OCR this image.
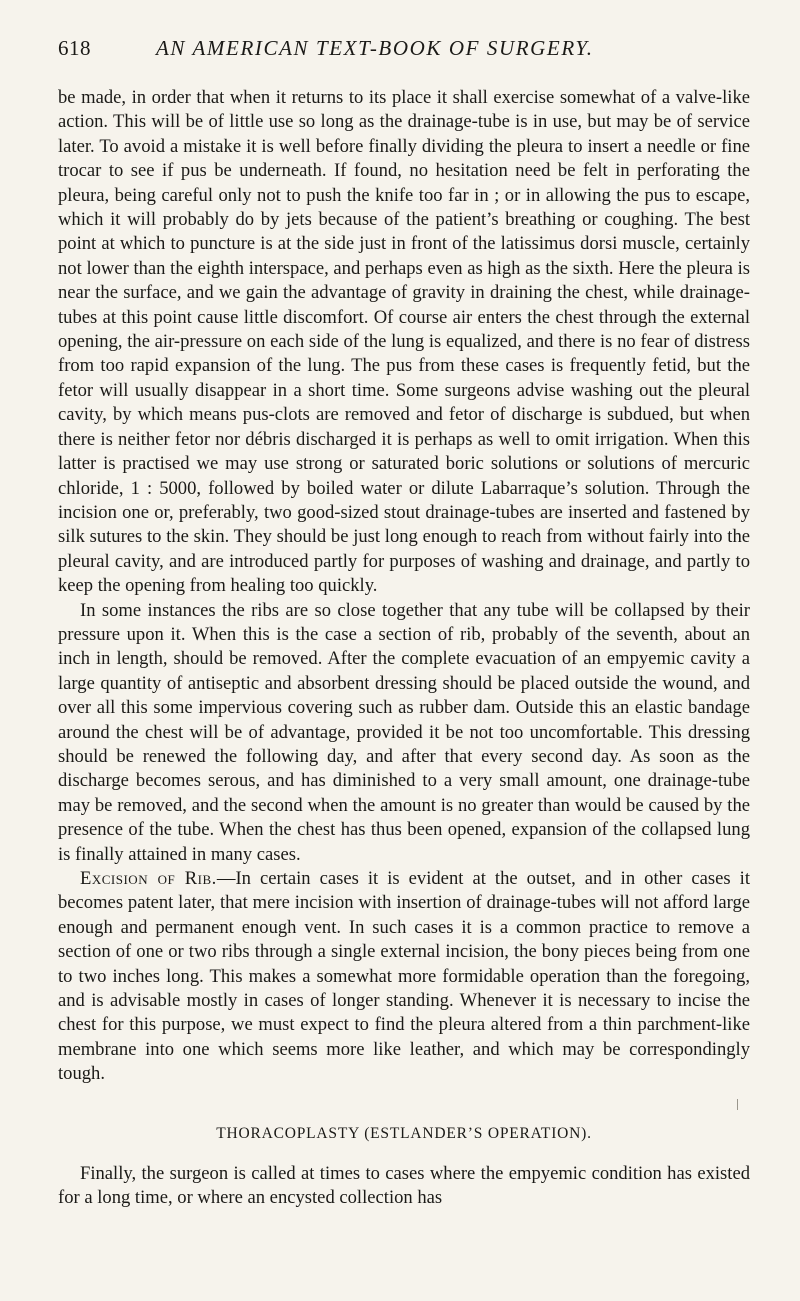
618	AN AMERICAN TEXT-BOOK OF SURGERY.

be made, in order that when it returns to its place it shall exercise somewhat of a valve-like action. This will be of little use so long as the drainage-tube is in use, but may be of service later. To avoid a mistake it is well before finally dividing the pleura to insert a needle or fine trocar to see if pus be underneath. If found, no hesitation need be felt in perforating the pleura, being careful only not to push the knife too far in ; or in allowing the pus to escape, which it will probably do by jets because of the patient’s breathing or coughing. The best point at which to puncture is at the side just in front of the latissimus dorsi muscle, certainly not lower than the eighth interspace, and perhaps even as high as the sixth. Here the pleura is near the surface, and we gain the advantage of gravity in draining the chest, while drainage-tubes at this point cause little discomfort. Of course air enters the chest through the external opening, the air-pressure on each side of the lung is equalized, and there is no fear of distress from too rapid expansion of the lung. The pus from these cases is frequently fetid, but the fetor will usually disappear in a short time. Some surgeons advise washing out the pleural cavity, by which means pus-clots are removed and fetor of discharge is subdued, but when there is neither fetor nor débris discharged it is perhaps as well to omit irrigation. When this latter is practised we may use strong or saturated boric solutions or solutions of mercuric chloride, 1 : 5000, followed by boiled water or dilute Labarraque’s solution. Through the incision one or, preferably, two good-sized stout drainage-tubes are inserted and fastened by silk sutures to the skin. They should be just long enough to reach from without fairly into the pleural cavity, and are introduced partly for purposes of washing and drainage, and partly to keep the opening from healing too quickly.

In some instances the ribs are so close together that any tube will be collapsed by their pressure upon it. When this is the case a section of rib, probably of the seventh, about an inch in length, should be removed. After the complete evacuation of an empyemic cavity a large quantity of antiseptic and absorbent dressing should be placed outside the wound, and over all this some impervious covering such as rubber dam. Outside this an elastic bandage around the chest will be of advantage, provided it be not too uncomfortable. This dressing should be renewed the following day, and after that every second day. As soon as the discharge becomes serous, and has diminished to a very small amount, one drainage-tube may be removed, and the second when the amount is no greater than would be caused by the presence of the tube. When the chest has thus been opened, expansion of the collapsed lung is finally attained in many cases.

Excision of Rib.—In certain cases it is evident at the outset, and in other cases it becomes patent later, that mere incision with insertion of drainage-tubes will not afford large enough and permanent enough vent. In such cases it is a common practice to remove a section of one or two ribs through a single external incision, the bony pieces being from one to two inches long. This makes a somewhat more formidable operation than the foregoing, and is advisable mostly in cases of longer standing. Whenever it is necessary to incise the chest for this purpose, we must expect to find the pleura altered from a thin parchment-like membrane into one which seems more like leather, and which may be correspondingly tough.

THORACOPLASTY (ESTLANDER’S OPERATION).

Finally, the surgeon is called at times to cases where the empyemic condition has existed for a long time, or where an encysted collection has
